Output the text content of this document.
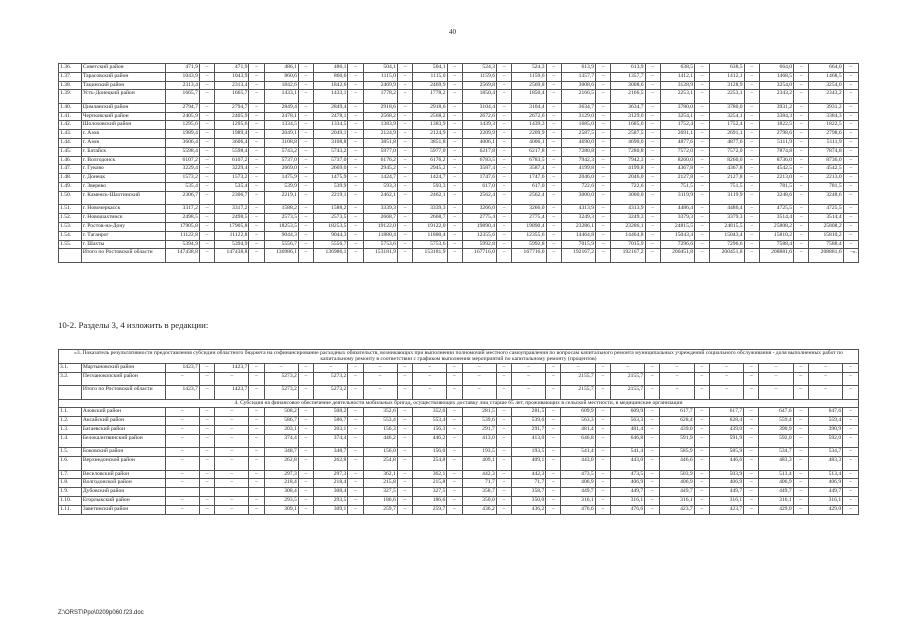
40
1.36.	Советский район	471,9	–	471,9	–	486,1	–	486,1	–	504,1	–	504,1	–	524,3	–	524,3	–	613,9	–	613,9	–	638,5	–	638,5	–	664,0	–	664,0	–
1.37.	Тарасовский район	1043,9	–	1043,9	–	860,6	–	860,6	–	1115,0	–	1115,0	–	1159,6	–	1159,6	–	1357,7	–	1357,7	–	1412,1	–	1412,1	–	1468,5	–	1468,5	–
1.38.	Тацинский район	2313,4	–	2313,4	–	1842,6	–	1842,6	–	2469,9	–	2469,9	–	2569,8	–	2569,8	–	3008,6	–	3008,6	–	3128,9	–	3128,9	–	3254,0	–	3254,0	–
1.39.	Усть-Донецкий район	1665,7	–	1665,7	–	1433,1	–	1433,1	–	1778,2	–	1778,2	–	1850,4	–	1850,4	–	2166,5	–	2166,5	–	2253,1	–	2253,1	–	2343,2	–	2343,2	–
1.40.	Цимлянский район	2794,7	–	2794,7	–	2849,4	–	2849,4	–	2918,6	–	2918,6	–	3104,4	–	3104,4	–	3634,7	–	3634,7	–	3780,0	–	3780,0	–	3931,2	–	3931,2	–
1.41.	Чертковский район	2405,9	–	2405,9	–	2478,1	–	2478,1	–	2568,2	–	2568,2	–	2672,6	–	2672,6	–	3129,0	–	3129,0	–	3254,1	–	3254,1	–	3384,3	–	3384,3	–
1.42.	Шолоховский район	1295,6	–	1295,6	–	1334,5	–	1334,5	–	1383,9	–	1383,9	–	1439,3	–	1439,3	–	1685,0	–	1685,0	–	1752,4	–	1752,4	–	1822,5	–	1822,5	–
1.43.	г. Азов	1989,4	–	1989,4	–	2049,1	–	2049,1	–	2124,9	–	2124,9	–	2209,9	–	2209,9	–	2587,5	–	2587,5	–	2691,1	–	2691,1	–	2798,6	–	2798,6	–
1.44.	г. Азов	3606,4	–	3606,4	–	3108,8	–	3108,8	–	3851,8	–	3851,8	–	4006,1	–	4006,1	–	4690,0	–	4690,0	–	4877,6	–	4877,6	–	5111,9	–	5111,9	–
1.45.	г. Батайск	5598,4	–	5598,4	–	5743,2	–	5743,2	–	5977,0	–	5977,0	–	6217,8	–	6217,8	–	7280,8	–	7280,8	–	7572,0	–	7572,0	–	7874,8	–	7874,8	–
1.46.	г. Волгодонск	6107,2	–	6107,2	–	5737,0	–	5737,0	–	6176,2	–	6176,2	–	6783,5	–	6783,5	–	7942,3	–	7942,3	–	8260,0	–	8260,0	–	8736,0	–	8736,0	–
1.47.	г. Гуково	3229,4	–	3229,4	–	2669,0	–	2669,0	–	2945,2	–	2945,2	–	3587,4	–	3587,4	–	4199,8	–	4199,8	–	4367,8	–	4367,8	–	4542,5	–	4542,5	–
1.48.	г. Донецк	1573,2	–	1573,2	–	1475,9	–	1475,9	–	1424,7	–	1424,7	–	1747,6	–	1747,6	–	2046,0	–	2046,0	–	2127,8	–	2127,8	–	2213,0	–	2213,0	–
1.49.	г. Зверево	535,4	–	535,4	–	539,9	–	539,9	–	593,3	–	593,3	–	617,0	–	617,0	–	722,6	–	722,6	–	751,5	–	751,5	–	781,5	–	781,5	–
1.50.	г. Каменск-Шахтинский	2306,7	–	2306,7	–	2219,1	–	2219,1	–	2462,1	–	2462,1	–	2562,4	–	2562,4	–	3000,0	–	3000,0	–	3119,9	–	3119,9	–	3248,6	–	3248,6	–
1.51.	г. Новочеркасск	3317,2	–	3317,2	–	1588,2	–	1588,2	–	3339,3	–	3339,3	–	3266,0	–	3266,0	–	4313,9	–	4313,9	–	4486,4	–	4486,4	–	4725,5	–	4725,5	–
1.52.	г. Новошахтинск	2498,5	–	2498,5	–	2573,5	–	2573,5	–	2668,7	–	2668,7	–	2775,4	–	2775,4	–	3249,3	–	3249,3	–	3379,3	–	3379,3	–	3514,4	–	3514,4	–
1.53.	г. Ростов-на-Дону	17905,8	–	17905,8	–	18253,5	–	18253,5	–	19122,0	–	19122,0	–	19890,4	–	19890,4	–	23286,1	–	23286,1	–	24815,5	–	24815,5	–	25808,2	–	25808,2	–
1.54.	г. Таганрог	11122,8	–	11122,8	–	9044,3	–	9044,3	–	11880,4	–	11880,4	–	12355,6	–	12355,6	–	14464,8	–	14464,8	–	15043,4	–	15043,4	–	15810,2	–	15810,2	–
1.55.	г. Шахты	5394,9	–	5394,9	–	5556,7	–	5556,7	–	5753,6	–	5753,6	–	5992,8	–	5992,8	–	7015,9	–	7015,9	–	7296,6	–	7296,6	–	7588,4	–	7588,4	–
	Итого по Ростовской области	147438,8	–	147438,8	–	136986,1	–	136986,1	–	153181,9	–	153181,9	–	167716,0	–	167716,0	–	192167,2	–	192167,2	–	200451,8	–	200451,8	–	208881,6	–	208881,6	–».
10-2. Разделы 3, 4 изложить в редакции:
«3. Показатель результативности предоставления субсидии областного бюджета на софинансирование расходных обязательств, возникающих при выполнении полномочий местного самоуправления по вопросам капитального ремонта муниципальных учреждений социального обслуживания - доля выполненных работ по капитальному ремонту в соответствии с графиком выполнения мероприятий по капитальному ремонту (процентов)																													
3.1.	Мартыновский район	1423,7	–	1423,7	–	–	–	–	–	–	–	–	–	–	–	–	–	–	–	–	–	–	–	–	–	–	–	–	–
3.2.	Песчанокопский район	–	–	–	–	5273,2	–	5273,2	–	–	–	–	–	–	–	–	–	2155,7	–	2155,7	–	–	–	–	–	–	–	–	–
	Итого по Ростовской области	1423,7	–	1423,7	–	5273,2	–	5273,2	–	–	–	–	–	–	–	–	–	2155,7	–	2155,7	–	–	–	–	–	–	–	–	–
4. Субсидия на финансовое обеспечение деятельности мобильных бригад, осуществляющих доставку лиц старше 65 лет, проживающих в сельской местности, в медицинские организации																													
1.1.	Азовский район	–	–	–	–	508,2	–	508,2	–	352,6	–	352,6	–	281,5	–	281,5	–	609,9	–	609,9	–	617,7	–	617,7	–	647,6	–	647,6	–
1.2.	Аксайский район	–	–	–	–	586,7	–	586,7	–	553,4	–	553,4	–	539,6	–	539,6	–	563,3	–	563,3	–	628,4	–	628,4	–	559,4	–	559,4	–
1.3.	Багаевский район	–	–	–	–	203,1	–	203,1	–	156,3	–	156,3	–	291,7	–	291,7	–	481,4	–	481,4	–	439,0	–	439,0	–	390,9	–	390,9	–
1.4.	Белокалитвинский район	–	–	–	–	374,4	–	374,4	–	446,2	–	446,2	–	413,0	–	413,0	–	646,8	–	646,8	–	591,9	–	591,9	–	592,0	–	592,0	–
1.5.	Боковский район	–	–	–	–	348,7	–	348,7	–	156,0	–	156,0	–	193,5	–	193,5	–	541,4	–	541,4	–	585,9	–	585,9	–	534,7	–	534,7	–
1.6.	Верхнедонской район	–	–	–	–	262,8	–	262,8	–	254,8	–	254,8	–	409,1	–	409,1	–	443,0	–	443,0	–	446,6	–	446,6	–	483,3	–	483,3	–
1.7.	Веселовский район	–	–	–	–	297,3	–	297,3	–	362,1	–	362,1	–	442,3	–	442,3	–	473,5	–	473,5	–	503,9	–	503,9	–	513,4	–	513,4	–
1.8.	Волгодонской район	–	–	–	–	218,4	–	218,4	–	215,8	–	215,8	–	71,7	–	71,7	–	406,9	–	406,9	–	406,9	–	406,9	–	406,9	–	406,9	–
1.9.	Дубовский район					308,4	–	308,4	–	327,5	–	327,5	–	358,7	–	358,7	–	449,7	–	449,7	–	449,7	–	449,7	–	449,7	–	449,7	–
1.10.	Егорлыкский район	–	–	–	–	293,5	–	293,5	–	186,6	–	186,6	–	350,0	–	350,0	–	316,1	–	316,1	–	316,1	–	316,1	–	316,1	–	316,1	–
1.11.	Заветинский район	–	–	–	–	309,1	–	309,1	–	259,7	–	259,7	–	436,2	–	436,2	–	476,6	–	476,6	–	423,7	–	423,7	–	429,0	–	429,0	–
Z:\ORST\Ppo\0209p060.f23.doc
